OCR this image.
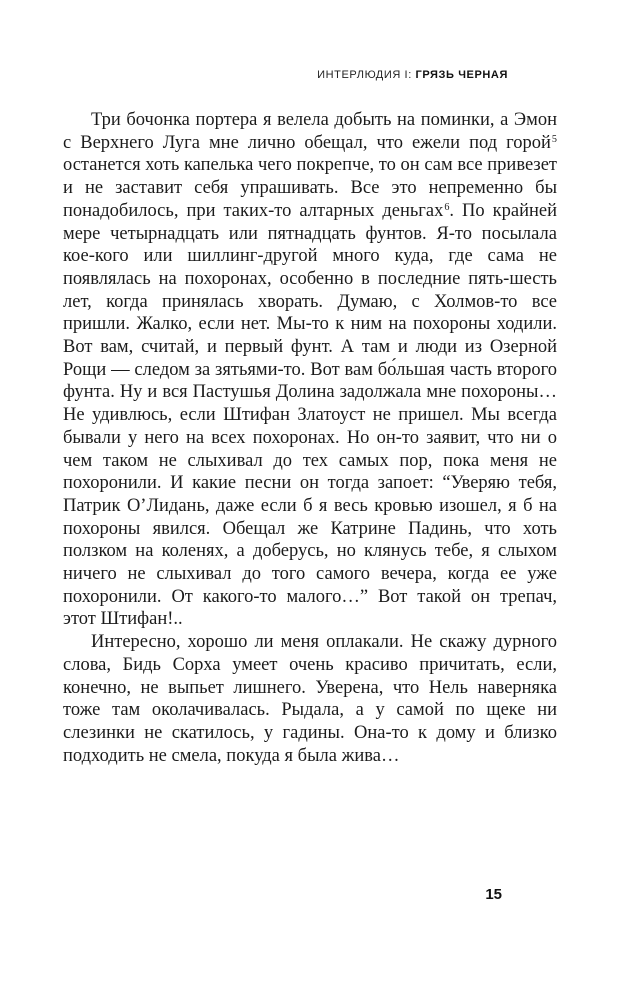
ИНТЕРЛЮДИЯ I: ГРЯЗЬ ЧЕРНАЯ

Три бочонка портера я велела добыть на поминки, а Эмон с Верхнего Луга мне лично обещал, что ежели под горой$^5$ останется хоть капелька чего покрепче, то он сам все привезет и не заставит себя упрашивать. Все это непременно бы понадобилось, при таких-то алтарных деньгах$^6$. По крайней мере четырнадцать или пятнадцать фунтов. Я-то посылала кое-кого или шиллинг-другой много куда, где сама не появлялась на похоронах, особенно в последние пять-шесть лет, когда принялась хворать. Думаю, с Холмов-то все пришли. Жалко, если нет. Мы-то к ним на похороны ходили. Вот вам, считай, и первый фунт. А там и люди из Озерной Рощи — следом за зятьями-то. Вот вам бо́льшая часть второго фунта. Ну и вся Пастушья Долина задолжала мне похороны… Не удивлюсь, если Штифан Златоуст не пришел. Мы всегда бывали у него на всех похоронах. Но он-то заявит, что ни о чем таком не слыхивал до тех самых пор, пока меня не похоронили. И какие песни он тогда запоет: “Уверяю тебя, Патрик О’Лидань, даже если б я весь кровью изошел, я б на похороны явился. Обещал же Катрине Падинь, что хоть ползком на коленях, а доберусь, но клянусь тебе, я слыхом ничего не слыхивал до того самого вечера, когда ее уже похоронили. От какого-то малого…” Вот такой он трепач, этот Штифан!..

Интересно, хорошо ли меня оплакали. Не скажу дурного слова, Бидь Сорха умеет очень красиво причитать, если, конечно, не выпьет лишнего. Уверена, что Нель наверняка тоже там околачивалась. Рыдала, а у самой по щеке ни слезинки не скатилось, у гадины. Она-то к дому и близко подходить не смела, покуда я была жива…

15
